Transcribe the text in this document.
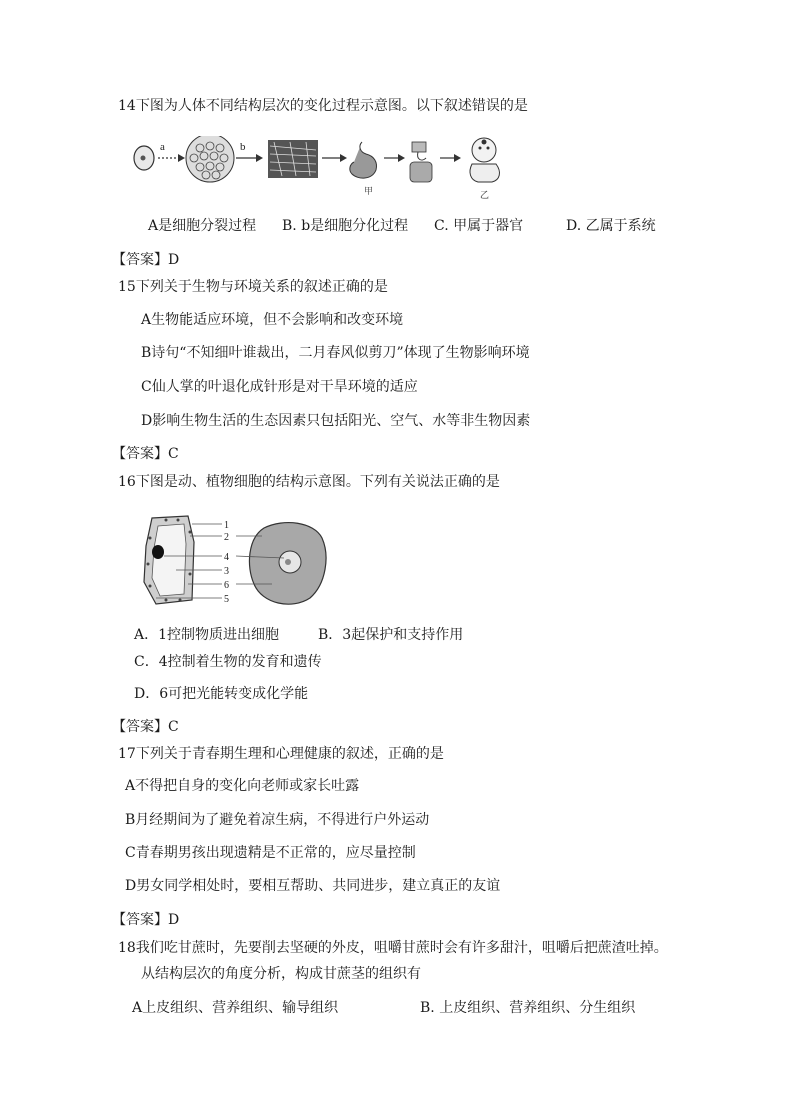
14下图为人体不同结构层次的变化过程示意图。以下叙述错误的是
a	b
甲	乙
A是细胞分裂过程 B. b是细胞分化过程 C. 甲属于器官	D. 乙属于系统
【答案】D
15下列关于生物与环境关系的叙述正确的是
A生物能适应环境，但不会影响和改变环境
B诗句“不知细叶谁裁出，二月春风似剪刀”体现了生物影响环境
C仙人掌的叶退化成针形是对干旱环境的适应
D影响生物生活的生态因素只包括阳光、空气、水等非生物因素
【答案】C
16下图是动、植物细胞的结构示意图。下列有关说法正确的是
1
2
4
3
6
5
A．1控制物质进出细胞	B．3起保护和支持作用
C．4控制着生物的发育和遗传
D．6可把光能转变成化学能
【答案】C
17下列关于青春期生理和心理健康的叙述，正确的是
A不得把自身的变化向老师或家长吐露
B月经期间为了避免着凉生病，不得进行户外运动
C青春期男孩出现遗精是不正常的，应尽量控制
D男女同学相处时，要相互帮助、共同进步，建立真正的友谊
【答案】D
18我们吃甘蔗时，先要削去坚硬的外皮，咀嚼甘蔗时会有许多甜汁，咀嚼后把蔗渣吐掉。
从结构层次的角度分析，构成甘蔗茎的组织有
A上皮组织、营养组织、输导组织	B. 上皮组织、营养组织、分生组织
